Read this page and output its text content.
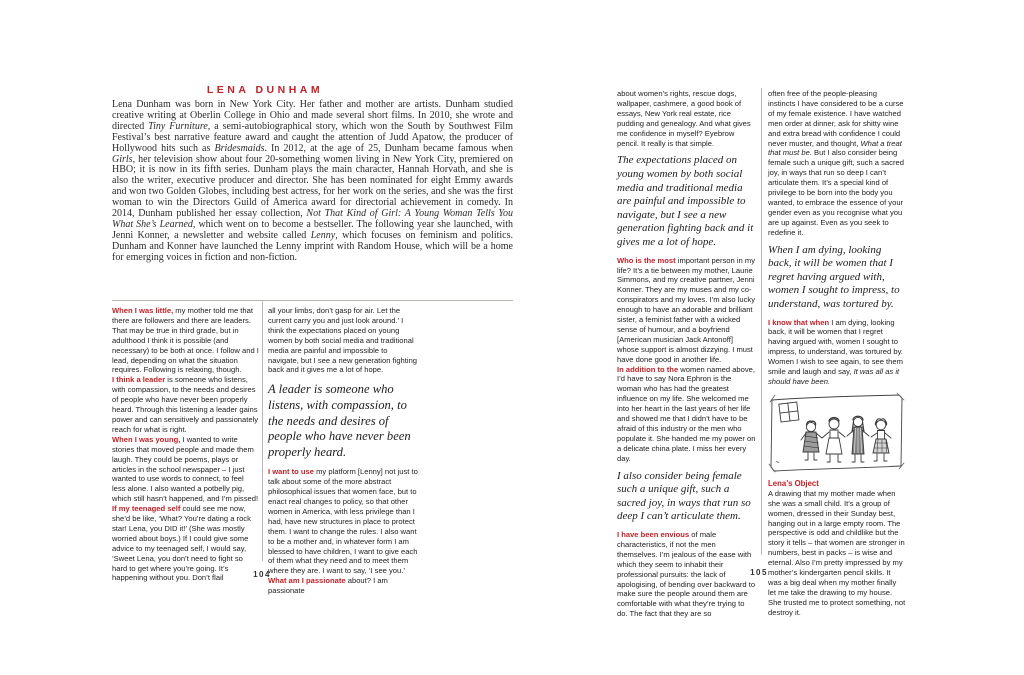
LENA DUNHAM

Lena Dunham was born in New York City. Her father and mother are artists. Dunham studied creative writing at Oberlin College in Ohio and made several short films. In 2010, she wrote and directed Tiny Furniture, a semi-autobiographical story, which won the South by Southwest Film Festival’s best narrative feature award and caught the attention of Judd Apatow, the producer of Hollywood hits such as Bridesmaids. In 2012, at the age of 25, Dunham became famous when Girls, her television show about four 20-something women living in New York City, premiered on HBO; it is now in its fifth series. Dunham plays the main character, Hannah Horvath, and she is also the writer, executive producer and director. She has been nominated for eight Emmy awards and won two Golden Globes, including best actress, for her work on the series, and she was the first woman to win the Directors Guild of America award for directorial achievement in comedy. In 2014, Dunham published her essay collection, Not That Kind of Girl: A Young Woman Tells You What She’s Learned, which went on to become a bestseller. The following year she launched, with Jenni Konner, a newsletter and website called Lenny, which focuses on feminism and politics. Dunham and Konner have launched the Lenny imprint with Random House, which will be a home for emerging voices in fiction and non-fiction.

When I was little, my mother told me that there are followers and there are leaders. That may be true in third grade, but in adulthood I think it is possible (and necessary) to be both at once. I follow and I lead, depending on what the situation requires. Following is relaxing, though.

I think a leader is someone who listens, with compassion, to the needs and desires of people who have never been properly heard. Through this listening a leader gains power and can sensitively and passionately reach for what is right.

When I was young, I wanted to write stories that moved people and made them laugh. They could be poems, plays or articles in the school newspaper – I just wanted to use words to connect, to feel less alone. I also wanted a potbelly pig, which still hasn’t happened, and I’m pissed!

If my teenaged self could see me now, she’d be like, ‘What? You’re dating a rock star! Lena, you DID it!’ (She was mostly worried about boys.) If I could give some advice to my teenaged self, I would say, ‘Sweet Lena, you don’t need to fight so hard to get where you’re going. It’s happening without you. Don’t flail

all your limbs, don’t gasp for air. Let the current carry you and just look around.’ I think the expectations placed on young women by both social media and traditional media are painful and impossible to navigate, but I see a new generation fighting back and it gives me a lot of hope.

A leader is someone who listens, with compassion, to the needs and desires of people who have never been properly heard.

I want to use my platform [Lenny] not just to talk about some of the more abstract philosophical issues that women face, but to enact real changes to policy, so that other women in America, with less privilege than I had, have new structures in place to protect them. I want to change the rules. I also want to be a mother and, in whatever form I am blessed to have children, I want to give each of them what they need and to meet them where they are. I want to say, ‘I see you.’

What am I passionate about? I am passionate

104

about women’s rights, rescue dogs, wallpaper, cashmere, a good book of essays, New York real estate, rice pudding and genealogy. And what gives me confidence in myself? Eyebrow pencil. It really is that simple.

The expectations placed on young women by both social media and traditional media are painful and impossible to navigate, but I see a new generation fighting back and it gives me a lot of hope.

Who is the most important person in my life? It’s a tie between my mother, Laurie Simmons, and my creative partner, Jenni Konner. They are my muses and my co-conspirators and my loves. I’m also lucky enough to have an adorable and brilliant sister, a feminist father with a wicked sense of humour, and a boyfriend [American musician Jack Antonoff] whose support is almost dizzying. I must have done good in another life.

In addition to the women named above, I’d have to say Nora Ephron is the woman who has had the greatest influence on my life. She welcomed me into her heart in the last years of her life and showed me that I didn’t have to be afraid of this industry or the men who populate it. She handed me my power on a delicate china plate. I miss her every day.

I also consider being female such a unique gift, such a sacred joy, in ways that run so deep I can’t articulate them.

I have been envious of male characteristics, if not the men themselves. I’m jealous of the ease with which they seem to inhabit their professional pursuits: the lack of apologising, of bending over backward to make sure the people around them are comfortable with what they’re trying to do. The fact that they are so

often free of the people-pleasing instincts I have considered to be a curse of my female existence. I have watched men order at dinner, ask for shitty wine and extra bread with confidence I could never muster, and thought, What a treat that must be. But I also consider being female such a unique gift, such a sacred joy, in ways that run so deep I can’t articulate them. It’s a special kind of privilege to be born into the body you wanted, to embrace the essence of your gender even as you recognise what you are up against. Even as you seek to redefine it.

When I am dying, looking back, it will be women that I regret having argued with, women I sought to impress, to understand, was tortured by.

I know that when I am dying, looking back, it will be women that I regret having argued with, women I sought to impress, to understand, was tortured by. Women I wish to see again, to see them smile and laugh and say, It was all as it should have been.

Lena’s Object

A drawing that my mother made when she was a small child. It’s a group of women, dressed in their Sunday best, hanging out in a large empty room. The perspective is odd and childlike but the story it tells – that women are stronger in numbers, best in packs – is wise and eternal. Also I’m pretty impressed by my mother’s kindergarten pencil skills. It was a big deal when my mother finally let me take the drawing to my house. She trusted me to protect something, not destroy it.

105
